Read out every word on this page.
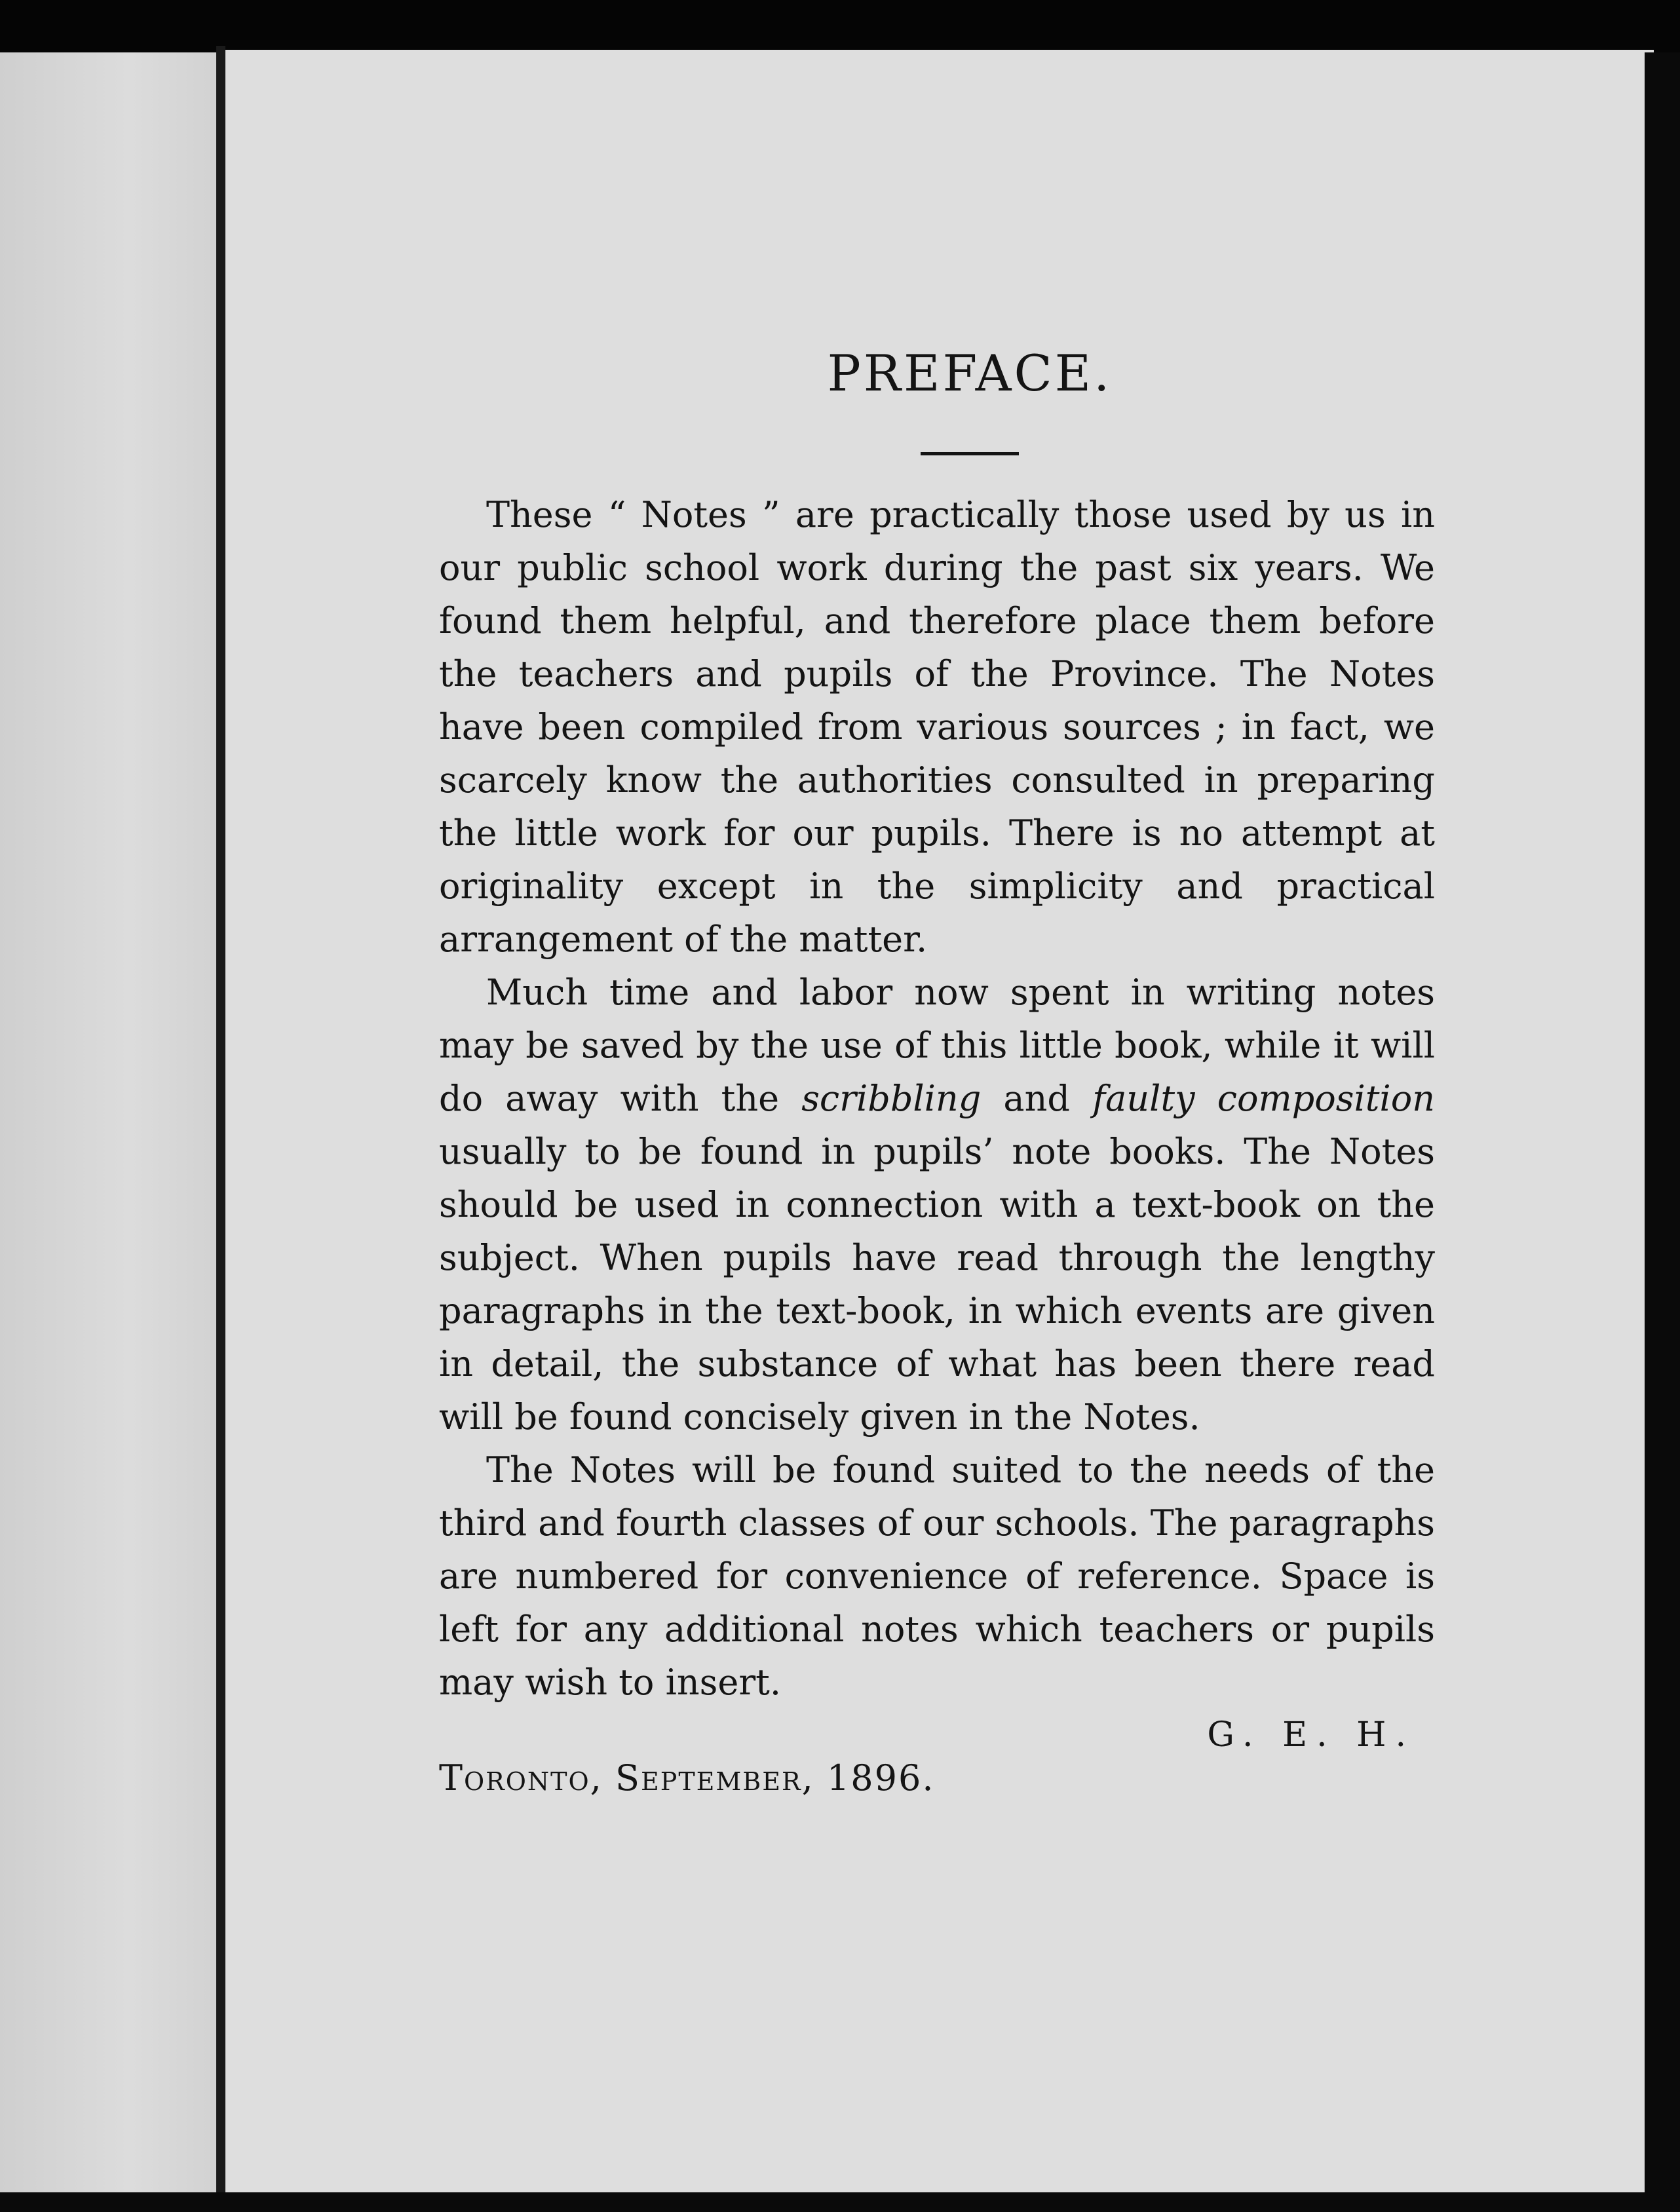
PREFACE.

These “ Notes ” are practically those used by us in our public school work during the past six years. We found them helpful, and therefore place them before the teachers and pupils of the Province. The Notes have been compiled from various sources ; in fact, we scarcely know the authorities consulted in preparing the little work for our pupils. There is no attempt at originality except in the simplicity and practical arrangement of the matter.

Much time and labor now spent in writing notes may be saved by the use of this little book, while it will do away with the scribbling and faulty composition usually to be found in pupils’ note books. The Notes should be used in connection with a text-book on the subject. When pupils have read through the lengthy paragraphs in the text-book, in which events are given in detail, the substance of what has been there read will be found concisely given in the Notes.

The Notes will be found suited to the needs of the third and fourth classes of our schools. The paragraphs are numbered for convenience of reference. Space is left for any additional notes which teachers or pupils may wish to insert.

G. E. H.
Toronto, September, 1896.
